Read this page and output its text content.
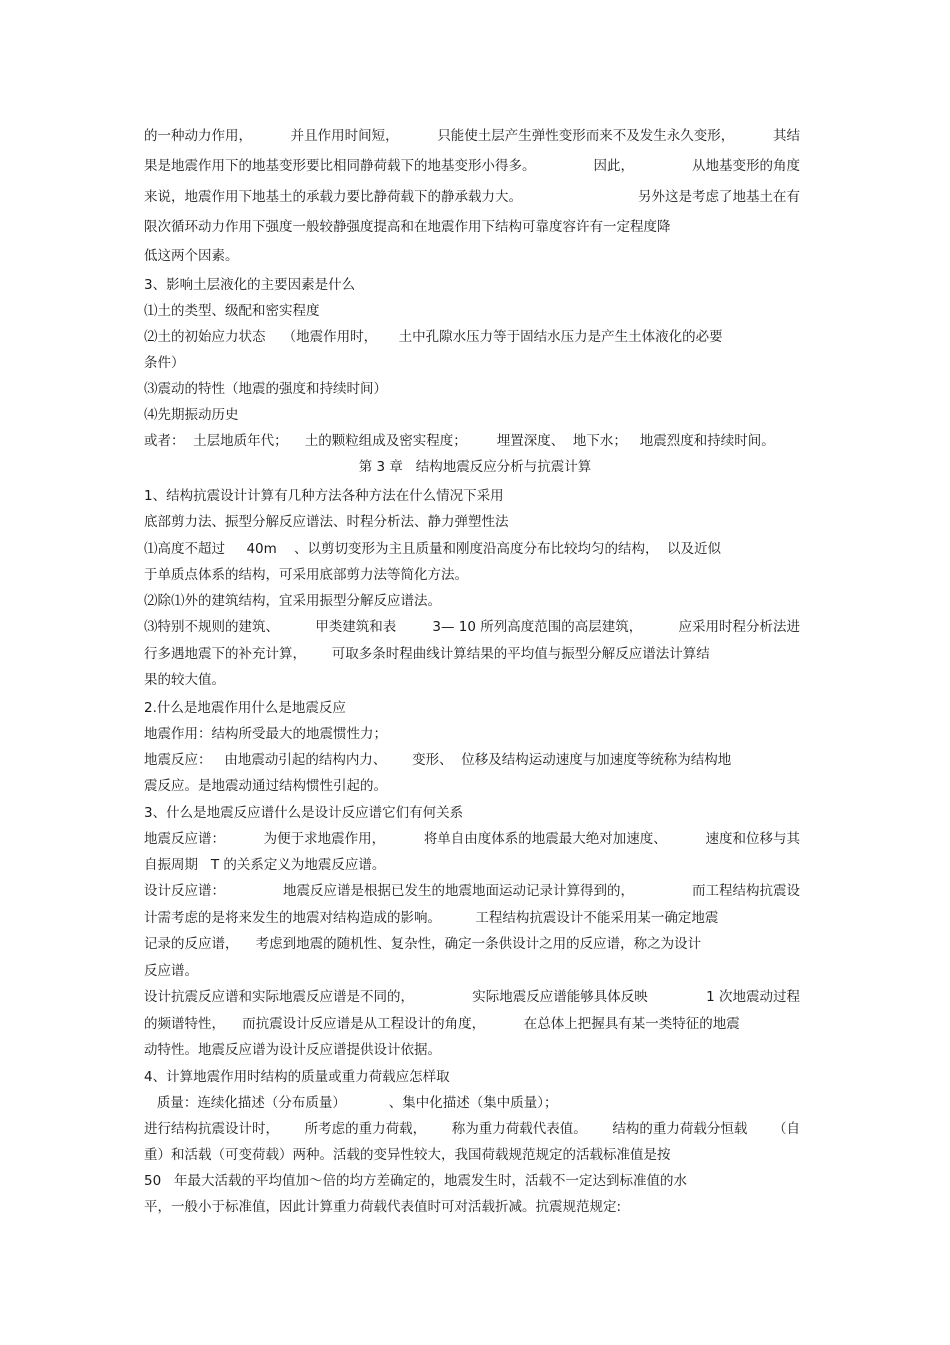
的一种动力作用，	并且作用时间短，	只能使土层产生弹性变形而来不及发生永久变形，	其结
果是地震作用下的地基变形要比相同静荷载下的地基变形小得多。	因此，	从地基变形的角度
来说，地震作用下地基土的承载力要比静荷载下的静承载力大。	另外这是考虑了地基土在有
限次循环动力作用下强度一般较静强度提高和在地震作用下结构可靠度容许有一定程度降
低这两个因素。
3、影响土层液化的主要因素是什么
⑴土的类型、级配和密实程度
⑵土的初始应力状态    （地震作用时，     土中孔隙水压力等于固结水压力是产生土体液化的必要
条件）
⑶震动的特性（地震的强度和持续时间）
⑷先期振动历史
或者：  土层地质年代；    土的颗粒组成及密实程度；       埋置深度、  地下水；   地震烈度和持续时间。
第 3 章   结构地震反应分析与抗震计算
1、结构抗震设计计算有几种方法各种方法在什么情况下采用
底部剪力法、振型分解反应谱法、时程分析法、静力弹塑性法
⑴高度不超过     40m    、以剪切变形为主且质量和刚度沿高度分布比较均匀的结构，  以及近似
于单质点体系的结构，可采用底部剪力法等简化方法。
⑵除⑴外的建筑结构，宜采用振型分解反应谱法。
⑶特别不规则的建筑、	甲类建筑和表	3— 10 所列高度范围的高层建筑，	应采用时程分析法进
行多遇地震下的补充计算，      可取多条时程曲线计算结果的平均值与振型分解反应谱法计算结
果的较大值。
2.什么是地震作用什么是地震反应
地震作用：结构所受最大的地震惯性力；
地震反应：   由地震动引起的结构内力、      变形、  位移及结构运动速度与加速度等统称为结构地
震反应。是地震动通过结构惯性引起的。
3、什么是地震反应谱什么是设计反应谱它们有何关系
地震反应谱：	为便于求地震作用，	将单自由度体系的地震最大绝对加速度、	速度和位移与其
自振周期   T 的关系定义为地震反应谱。
设计反应谱：	地震反应谱是根据已发生的地震地面运动记录计算得到的，	而工程结构抗震设
计需考虑的是将来发生的地震对结构造成的影响。        工程结构抗震设计不能采用某一确定地震
记录的反应谱，    考虑到地震的随机性、复杂性，确定一条供设计之用的反应谱，称之为设计
反应谱。
设计抗震反应谱和实际地震反应谱是不同的，	实际地震反应谱能够具体反映	1 次地震动过程
的频谱特性，    而抗震设计反应谱是从工程设计的角度，         在总体上把握具有某一类特征的地震
动特性。地震反应谱为设计反应谱提供设计依据。
4、计算地震作用时结构的质量或重力荷载应怎样取
质量：连续化描述（分布质量）          、集中化描述（集中质量）；
进行结构抗震设计时， 所考虑的重力荷载， 称为重力荷载代表值。 结构的重力荷载分恒载 （自
重）和活载（可变荷载）两种。活载的变异性较大，我国荷载规范规定的活载标准值是按
50   年最大活载的平均值加～倍的均方差确定的，地震发生时，活载不一定达到标准值的水
平，一般小于标准值，因此计算重力荷载代表值时可对活载折减。抗震规范规定:
